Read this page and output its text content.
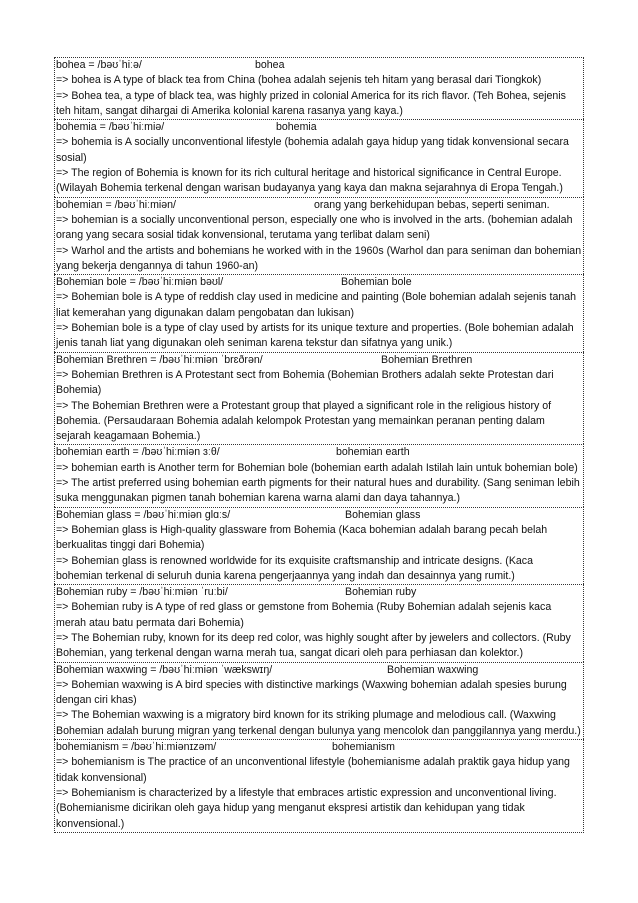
bohea = /bəʊˈhiːə/	bohea
=> bohea is A type of black tea from China (bohea adalah sejenis teh hitam yang berasal dari Tiongkok)
=> Bohea tea, a type of black tea, was highly prized in colonial America for its rich flavor. (Teh Bohea, sejenis teh hitam, sangat dihargai di Amerika kolonial karena rasanya yang kaya.)
bohemia = /bəʊˈhiːmiə/	bohemia
=> bohemia is A socially unconventional lifestyle (bohemia adalah gaya hidup yang tidak konvensional secara sosial)
=> The region of Bohemia is known for its rich cultural heritage and historical significance in Central Europe. (Wilayah Bohemia terkenal dengan warisan budayanya yang kaya dan makna sejarahnya di Eropa Tengah.)
bohemian = /bəʊˈhiːmiən/	orang yang berkehidupan bebas, seperti seniman.
=> bohemian is a socially unconventional person, especially one who is involved in the arts. (bohemian adalah orang yang secara sosial tidak konvensional, terutama yang terlibat dalam seni)
=> Warhol and the artists and bohemians he worked with in the 1960s (Warhol dan para seniman dan bohemian yang bekerja dengannya di tahun 1960-an)
Bohemian bole = /bəʊˈhiːmiən bəʊl/	Bohemian bole
=> Bohemian bole is A type of reddish clay used in medicine and painting (Bole bohemian adalah sejenis tanah liat kemerahan yang digunakan dalam pengobatan dan lukisan)
=> Bohemian bole is a type of clay used by artists for its unique texture and properties. (Bole bohemian adalah jenis tanah liat yang digunakan oleh seniman karena tekstur dan sifatnya yang unik.)
Bohemian Brethren = /bəʊˈhiːmiən ˈbrɛðrən/	Bohemian Brethren
=> Bohemian Brethren is A Protestant sect from Bohemia (Bohemian Brothers adalah sekte Protestan dari Bohemia)
=> The Bohemian Brethren were a Protestant group that played a significant role in the religious history of Bohemia. (Persaudaraan Bohemia adalah kelompok Protestan yang memainkan peranan penting dalam sejarah keagamaan Bohemia.)
bohemian earth = /bəʊˈhiːmiən ɜːθ/	bohemian earth
=> bohemian earth is Another term for Bohemian bole (bohemian earth adalah Istilah lain untuk bohemian bole)
=> The artist preferred using bohemian earth pigments for their natural hues and durability. (Sang seniman lebih suka menggunakan pigmen tanah bohemian karena warna alami dan daya tahannya.)
Bohemian glass = /bəʊˈhiːmiən glɑːs/	Bohemian glass
=> Bohemian glass is High-quality glassware from Bohemia (Kaca bohemian adalah barang pecah belah berkualitas tinggi dari Bohemia)
=> Bohemian glass is renowned worldwide for its exquisite craftsmanship and intricate designs. (Kaca bohemian terkenal di seluruh dunia karena pengerjaannya yang indah dan desainnya yang rumit.)
Bohemian ruby = /bəʊˈhiːmiən ˈruːbi/	Bohemian ruby
=> Bohemian ruby is A type of red glass or gemstone from Bohemia (Ruby Bohemian adalah sejenis kaca merah atau batu permata dari Bohemia)
=> The Bohemian ruby, known for its deep red color, was highly sought after by jewelers and collectors. (Ruby Bohemian, yang terkenal dengan warna merah tua, sangat dicari oleh para perhiasan dan kolektor.)
Bohemian waxwing = /bəʊˈhiːmiən ˈwækswɪŋ/	Bohemian waxwing
=> Bohemian waxwing is A bird species with distinctive markings (Waxwing bohemian adalah spesies burung dengan ciri khas)
=> The Bohemian waxwing is a migratory bird known for its striking plumage and melodious call. (Waxwing Bohemian adalah burung migran yang terkenal dengan bulunya yang mencolok dan panggilannya yang merdu.)
bohemianism = /bəʊˈhiːmiənɪzəm/	bohemianism
=> bohemianism is The practice of an unconventional lifestyle (bohemianisme adalah praktik gaya hidup yang tidak konvensional)
=> Bohemianism is characterized by a lifestyle that embraces artistic expression and unconventional living. (Bohemianisme dicirikan oleh gaya hidup yang menganut ekspresi artistik dan kehidupan yang tidak konvensional.)
